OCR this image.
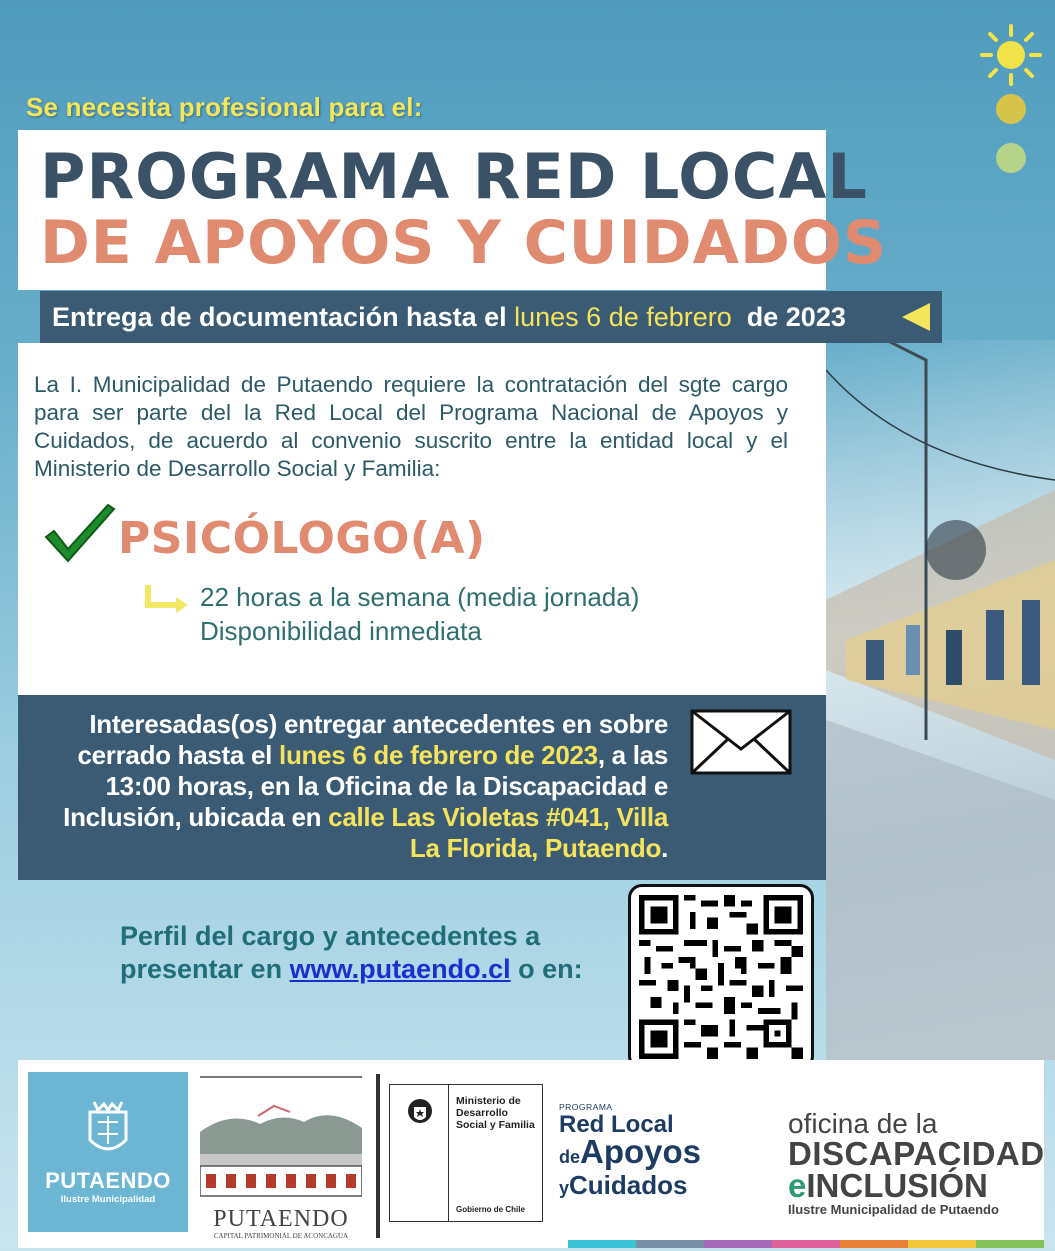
Se necesita profesional para el:
PROGRAMA RED LOCAL
DE APOYOS Y CUIDADOS
Entrega de documentación hasta el lunes 6 de febrero de 2023
La I. Municipalidad de Putaendo requiere la contratación del sgte cargo para ser parte del la Red Local del Programa Nacional de Apoyos y Cuidados, de acuerdo al convenio suscrito entre la entidad local y el Ministerio de Desarrollo Social y Familia:
PSICÓLOGO(A)
22 horas a la semana (media jornada)
Disponibilidad inmediata
Interesadas(os) entregar antecedentes en sobre cerrado hasta el lunes 6 de febrero de 2023, a las 13:00 horas, en la Oficina de la Discapacidad e Inclusión, ubicada en calle Las Violetas #041, Villa La Florida, Putaendo.
Perfil del cargo y antecedentes a
presentar en www.putaendo.cl o en:
PUTAENDO
Ilustre Municipalidad
PUTAENDO
CAPITAL PATRIMONIAL DE ACONCAGUA
Ministerio de Desarrollo Social y Familia
Gobierno de Chile
PROGRAMA
Red Local
deApoyos
yCuidados
oficina de la
DISCAPACIDAD
eINCLUSIÓN
Ilustre Municipalidad de Putaendo
